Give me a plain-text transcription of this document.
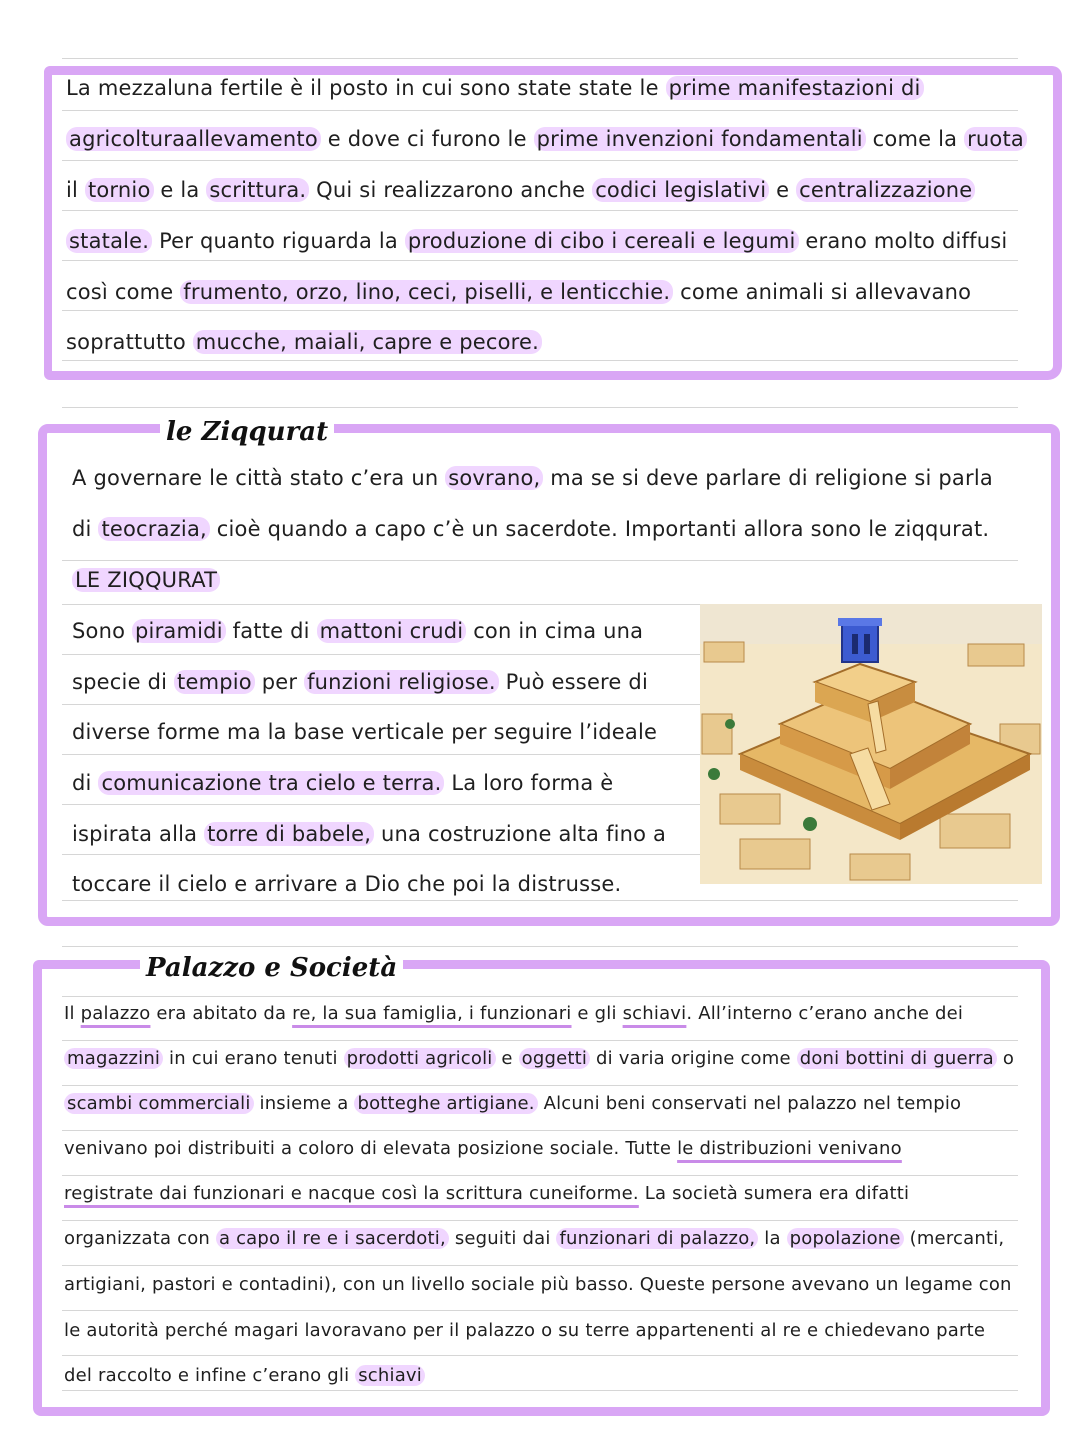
La mezzaluna fertile è il posto in cui sono state state le prime manifestazioni di
agricolturaallevamento e dove ci furono le prime invenzioni fondamentali come la ruota
il tornio e la scrittura. Qui si realizzarono anche codici legislativi e centralizzazione
statale. Per quanto riguarda la produzione di cibo i cereali e legumi erano molto diffusi
così come frumento, orzo, lino, ceci, piselli, e lenticchie. come animali si allevavano
soprattutto mucche, maiali, capre e pecore.
le Ziqqurat
A governare le città stato c’era un sovrano, ma se si deve parlare di religione si parla
di teocrazia, cioè quando a capo c’è un sacerdote. Importanti allora sono le ziqqurat.
LE ZIQQURAT
Sono piramidi fatte di mattoni crudi con in cima una
specie di tempio per funzioni religiose. Può essere di
diverse forme ma la base verticale per seguire l’ideale
di comunicazione tra cielo e terra. La loro forma è
ispirata alla torre di babele, una costruzione alta fino a
toccare il cielo e arrivare a Dio che poi la distrusse.
Palazzo e Società
Il palazzo era abitato da re, la sua famiglia, i funzionari e gli schiavi. All’interno c’erano anche dei
magazzini in cui erano tenuti prodotti agricoli e oggetti di varia origine come doni bottini di guerra o
scambi commerciali insieme a botteghe artigiane. Alcuni beni conservati nel palazzo nel tempio
venivano poi distribuiti a coloro di elevata posizione sociale. Tutte le distribuzioni venivano
registrate dai funzionari e nacque così la scrittura cuneiforme. La società sumera era difatti
organizzata con a capo il re e i sacerdoti, seguiti dai funzionari di palazzo, la popolazione (mercanti,
artigiani, pastori e contadini), con un livello sociale più basso. Queste persone avevano un legame con
le autorità perché magari lavoravano per il palazzo o su terre appartenenti al re e chiedevano parte
del raccolto e infine c’erano gli schiavi
